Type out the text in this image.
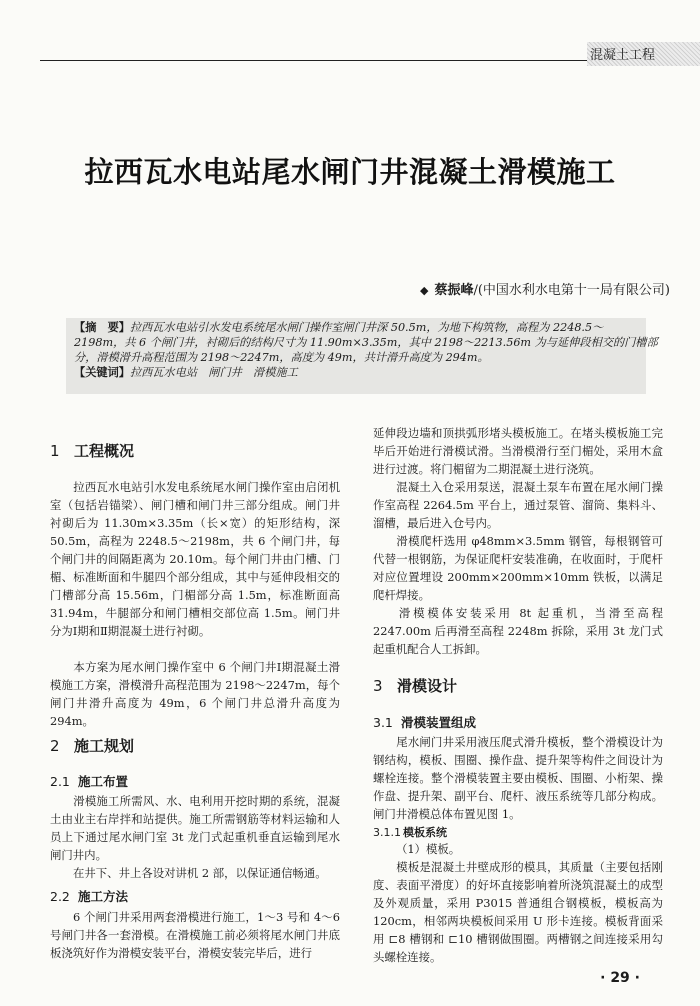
混凝土工程
拉西瓦水电站尾水闸门井混凝土滑模施工
◆ 蔡振峰/(中国水利水电第十一局有限公司)
【摘　要】拉西瓦水电站引水发电系统尾水闸门操作室闸门井深 50.5m，为地下构筑物，高程为 2248.5～
2198m，共 6 个闸门井，衬砌后的结构尺寸为 11.90m×3.35m，其中 2198～2213.56m 为与延伸段相交的门槽部
分，滑模滑升高程范围为 2198～2247m，高度为 49m，共计滑升高度为 294m。
【关键词】拉西瓦水电站　闸门井　滑模施工
1 工程概况
拉西瓦水电站引水发电系统尾水闸门操作室由启闭机室（包括岩锚梁）、闸门槽和闸门井三部分组成。闸门井衬砌后为 11.30m×3.35m（长×宽）的矩形结构，深 50.5m，高程为 2248.5～2198m，共 6 个闸门井，每个闸门井的间隔距离为 20.10m。每个闸门井由门槽、门楣、标准断面和牛腿四个部分组成，其中与延伸段相交的门槽部分高 15.56m，门楣部分高 1.5m，标准断面高 31.94m，牛腿部分和闸门槽相交部位高 1.5m。闸门井分为Ⅰ期和Ⅱ期混凝土进行衬砌。
本方案为尾水闸门操作室中 6 个闸门井Ⅰ期混凝土滑模施工方案，滑模滑升高程范围为 2198～2247m，每个闸门井滑升高度为 49m，6 个闸门井总滑升高度为 294m。
2 施工规划
2.1 施工布置
滑模施工所需风、水、电利用开挖时期的系统，混凝土由业主右岸拌和站提供。施工所需钢筋等材料运输和人员上下通过尾水闸门室 3t 龙门式起重机垂直运输到尾水闸门井内。
在井下、井上各设对讲机 2 部，以保证通信畅通。
2.2 施工方法
6 个闸门井采用两套滑模进行施工，1～3 号和 4～6 号闸门井各一套滑模。在滑模施工前必须将尾水闸门井底板浇筑好作为滑模安装平台，滑模安装完毕后，进行
延伸段边墙和顶拱弧形堵头模板施工。在堵头模板施工完毕后开始进行滑模试滑。当滑模滑行至门楣处，采用木盒进行过渡。将门楣留为二期混凝土进行浇筑。
混凝土入仓采用泵送，混凝土泵车布置在尾水闸门操作室高程 2264.5m 平台上，通过泵管、溜筒、集料斗、溜槽，最后进入仓号内。
滑模爬杆选用 φ48mm×3.5mm 钢管，每根钢管可代替一根钢筋，为保证爬杆安装准确，在收面时，于爬杆对应位置埋设 200mm×200mm×10mm 铁板，以满足爬杆焊接。
滑模模体安装采用 8t 起重机，当滑至高程 2247.00m 后再滑至高程 2248m 拆除，采用 3t 龙门式起重机配合人工拆卸。
3 滑模设计
3.1 滑模装置组成
尾水闸门井采用液压爬式滑升模板，整个滑模设计为钢结构，模板、围圈、操作盘、提升架等构件之间设计为螺栓连接。整个滑模装置主要由模板、围圈、小桁架、操作盘、提升架、副平台、爬杆、液压系统等几部分构成。闸门井滑模总体布置见图 1。
3.1.1 模板系统
（1）模板。
模板是混凝土井壁成形的模具，其质量（主要包括刚度、表面平滑度）的好坏直接影响着所浇筑混凝土的成型及外观质量，采用 P3015 普通组合钢模板，模板高为 120cm，相邻两块模板间采用 U 形卡连接。模板背面采用 ⊏8 槽钢和 ⊏10 槽钢做围圈。两槽钢之间连接采用勾头螺栓连接。
· 29 ·
